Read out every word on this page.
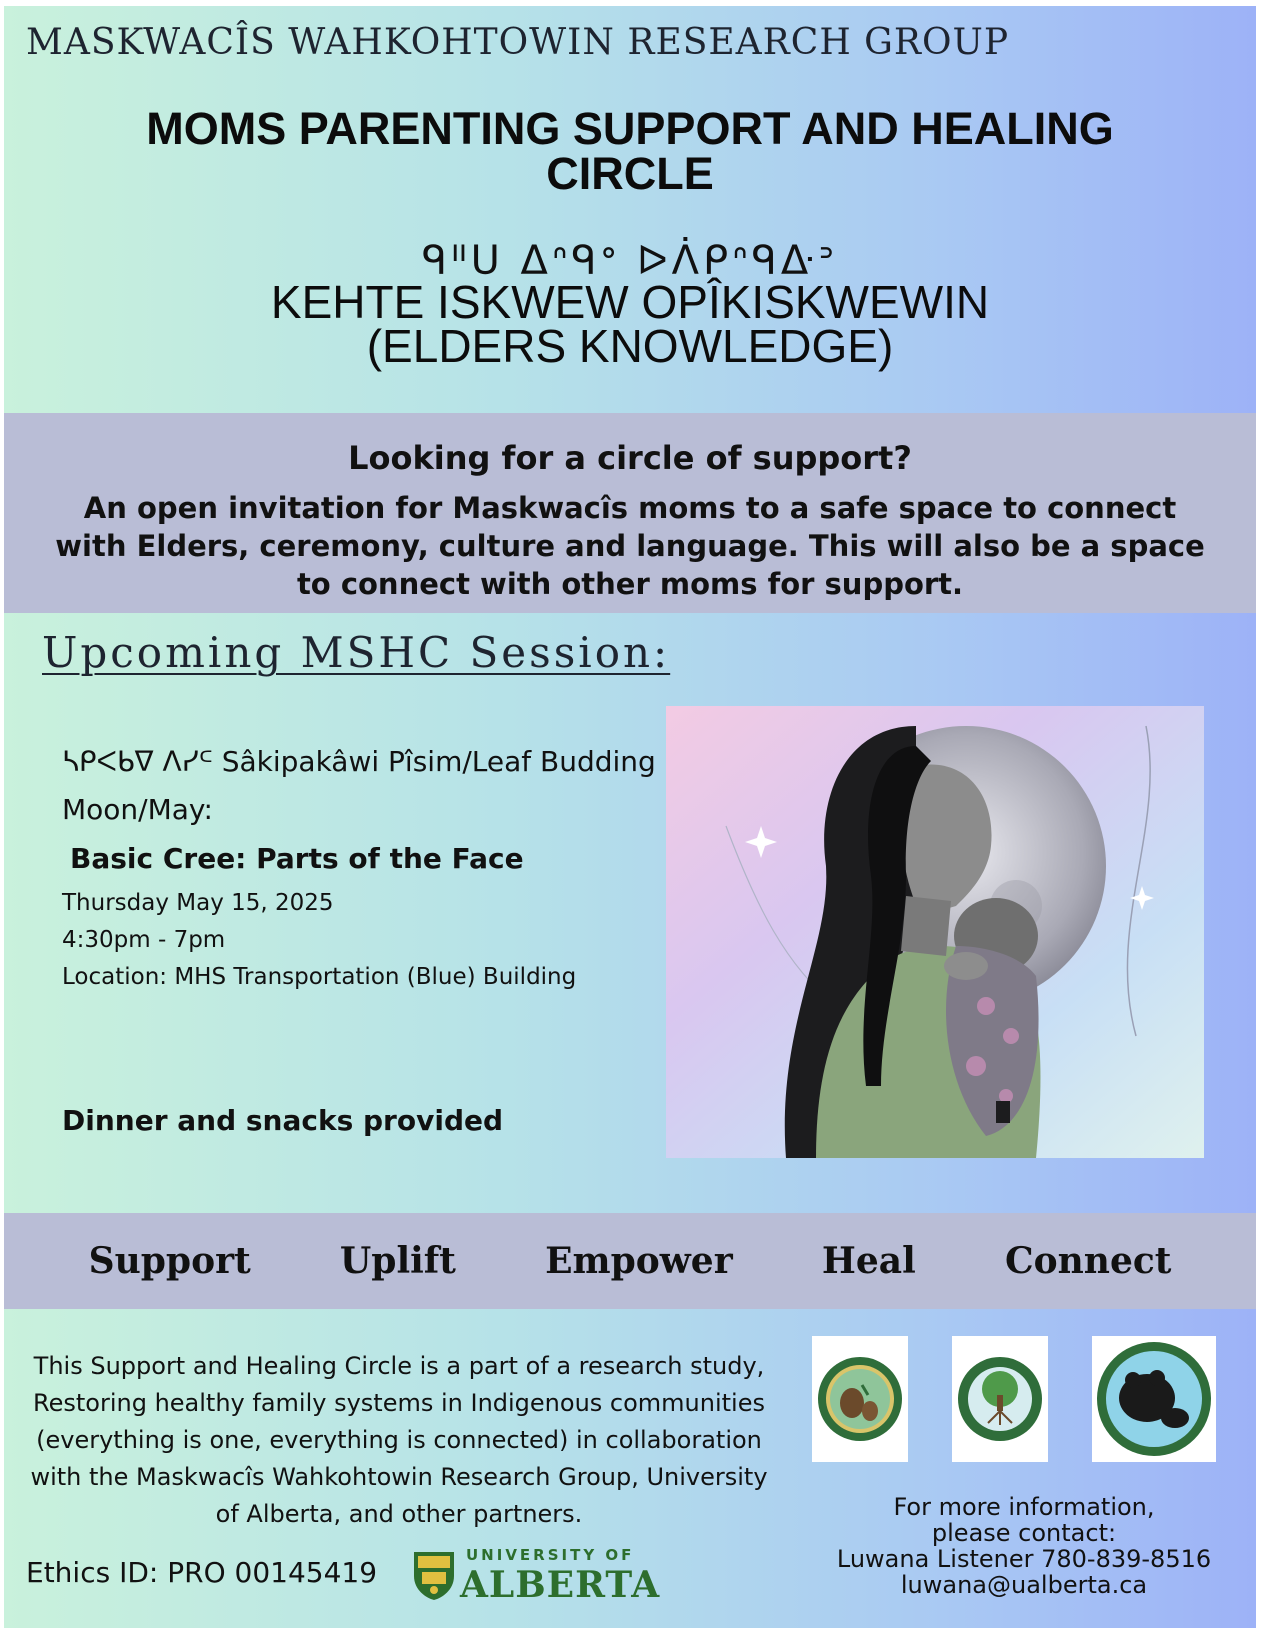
MASKWACÎS WAHKOHTOWIN RESEARCH GROUP
MOMS PARENTING SUPPORT AND HEALING CIRCLE
ᑫᐦᑌ ᐃᐢᑫᐤ ᐅᐲᑭᐢᑫᐏᐣ
KEHTE ISKWEW OPÎKISKWEWIN (ELDERS KNOWLEDGE)
Looking for a circle of support?
An open invitation for Maskwacîs moms to a safe space to connect with Elders, ceremony, culture and language. This will also be a space to connect with other moms for support.
Upcoming MSHC Session:
ᓴᑭᐸᑲᐁ ᐱᓯᒼ Sâkipakâwi Pîsim/Leaf Budding Moon/May:
Basic Cree: Parts of the Face
Thursday May 15, 2025
4:30pm - 7pm
Location: MHS Transportation (Blue) Building
Dinner and snacks provided
Support Uplift Empower Heal Connect
This Support and Healing Circle is a part of a research study, Restoring healthy family systems in Indigenous communities (everything is one, everything is connected) in collaboration with the Maskwacîs Wahkohtowin Research Group, University of Alberta, and other partners.
Ethics ID: PRO 00145419
UNIVERSITY OF
ALBERTA
For more information, please contact:
Luwana Listener 780-839-8516
luwana@ualberta.ca
